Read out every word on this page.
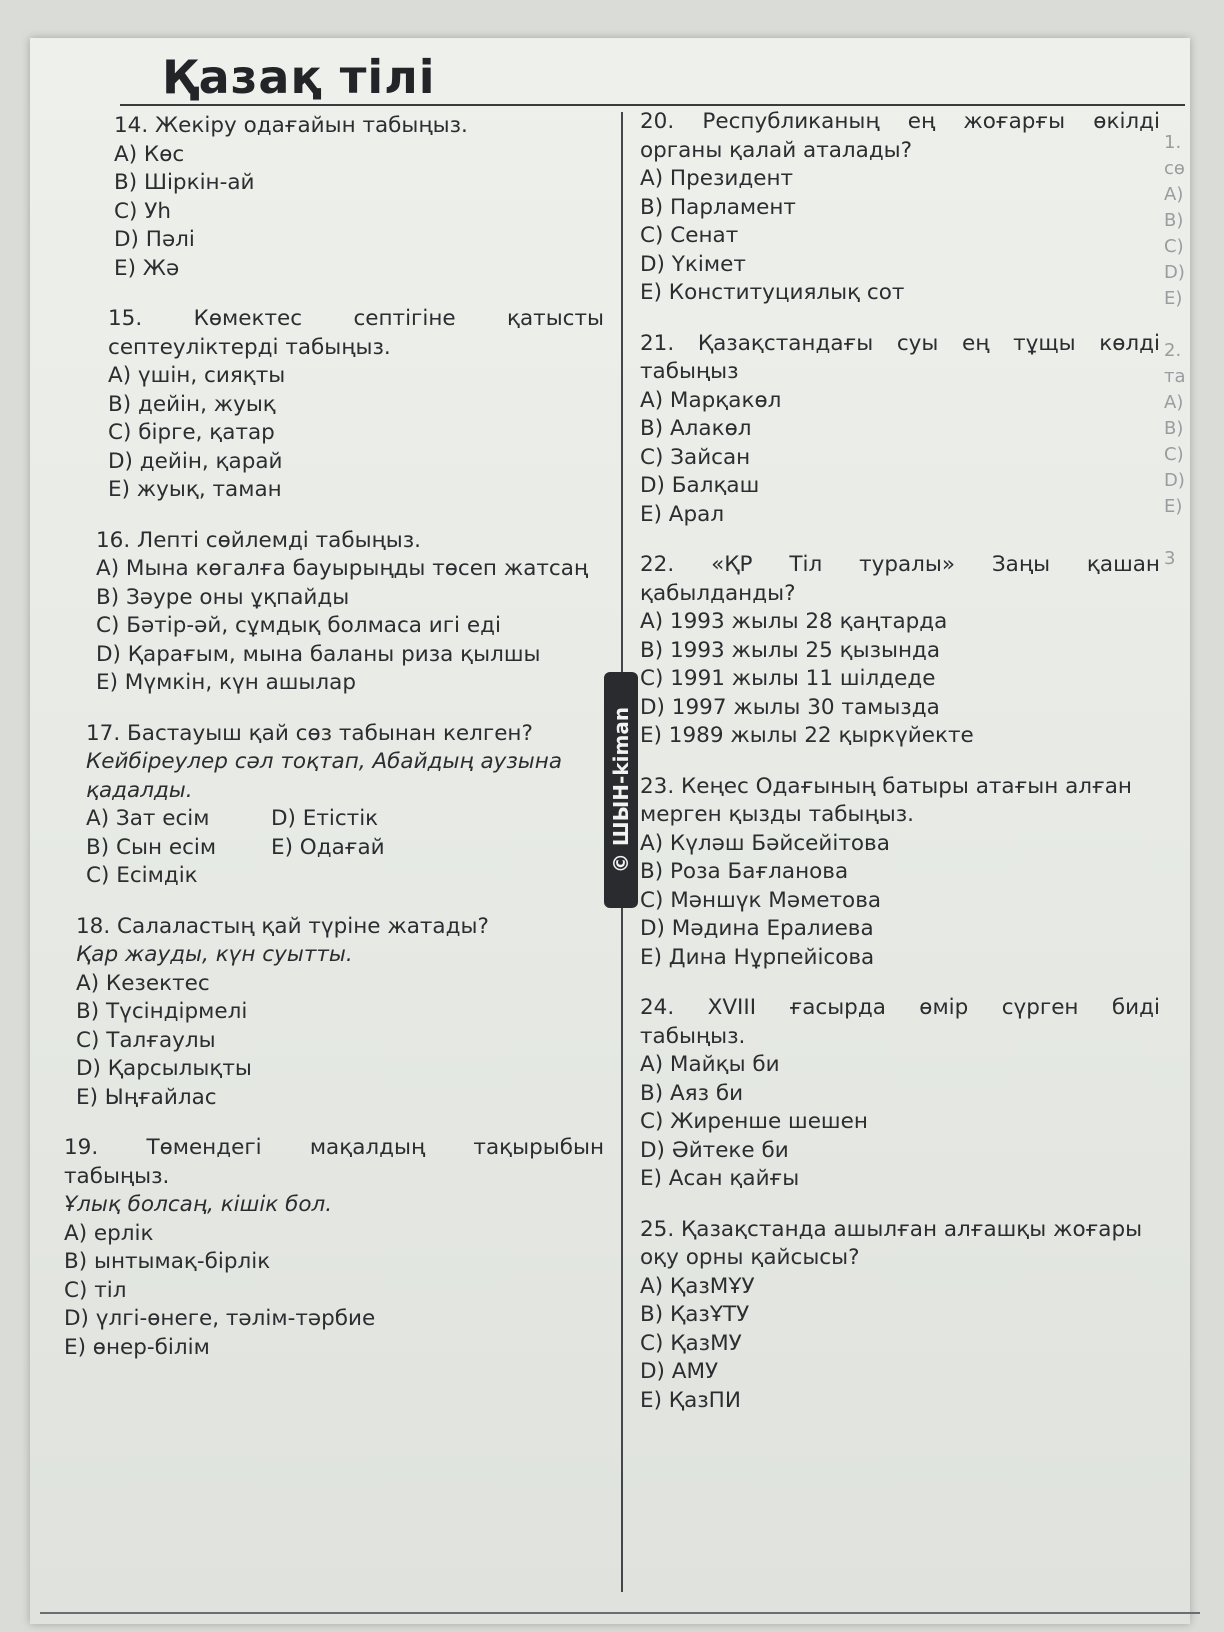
Қазақ тілі
© ШЫН-kiman
14. Жекіру одағайын табыңыз.
A) Көс
B) Шіркін-ай
C) Уһ
D) Пәлі
E) Жә
15. Көмектес септігіне қатысты
септеуліктерді табыңыз.
A) үшін, сияқты
B) дейін, жуық
C) бірге, қатар
D) дейін, қарай
E) жуық, таман
16. Лепті сөйлемді табыңыз.
A) Мына көгалға бауырыңды төсеп жатсаң
B) Зәуре оны ұқпайды
C) Бәтір-әй, сұмдық болмаса игі еді
D) Қарағым, мына баланы риза қылшы
E) Мүмкін, күн ашылар
17. Бастауыш қай сөз табынан келген?
Кейбіреулер сәл тоқтап, Абайдың аузына қадалды.
A) Зат есім	D) Етістік
B) Сын есім	E) Одағай
C) Есімдік
18. Салаластың қай түріне жатады?
Қар жауды, күн суытты.
A) Кезектес
B) Түсіндірмелі
C) Талғаулы
D) Қарсылықты
E) Ыңғайлас
19. Төмендегі мақалдың тақырыбын
табыңыз.
Ұлық болсаң, кішік бол.
A) ерлік
B) ынтымақ-бірлік
C) тіл
D) үлгі-өнеге, тәлім-тәрбие
E) өнер-білім
20. Республиканың ең жоғарғы өкілді
органы қалай аталады?
A) Президент
B) Парламент
C) Сенат
D) Үкімет
E) Конституциялық сот
21. Қазақстандағы суы ең тұщы көлді
табыңыз
A) Марқакөл
B) Алакөл
C) Зайсан
D) Балқаш
E) Арал
22. «ҚР Тіл туралы» Заңы қашан
қабылданды?
A) 1993 жылы 28 қаңтарда
B) 1993 жылы 25 қызында
C) 1991 жылы 11 шілдеде
D) 1997 жылы 30 тамызда
E) 1989 жылы 22 қыркүйекте
23. Кеңес Одағының батыры атағын алған
мерген қызды табыңыз.
A) Күләш Бәйсейітова
B) Роза Бағланова
C) Мәншүк Мәметова
D) Мәдина Ералиева
E) Дина Нұрпейісова
24. XVIII ғасырда өмір сүрген биді
табыңыз.
A) Майқы би
B) Аяз би
C) Жиренше шешен
D) Әйтеке би
E) Асан қайғы
25. Қазақстанда ашылған алғашқы жоғары
оқу орны қайсысы?
A) ҚазМҰУ
B) ҚазҰТУ
C) ҚазМУ
D) АМУ
E) ҚазПИ
1.
сө
A)
B)
C)
D)
E)

2.
та
A)
B)
C)
D)
E)

3
